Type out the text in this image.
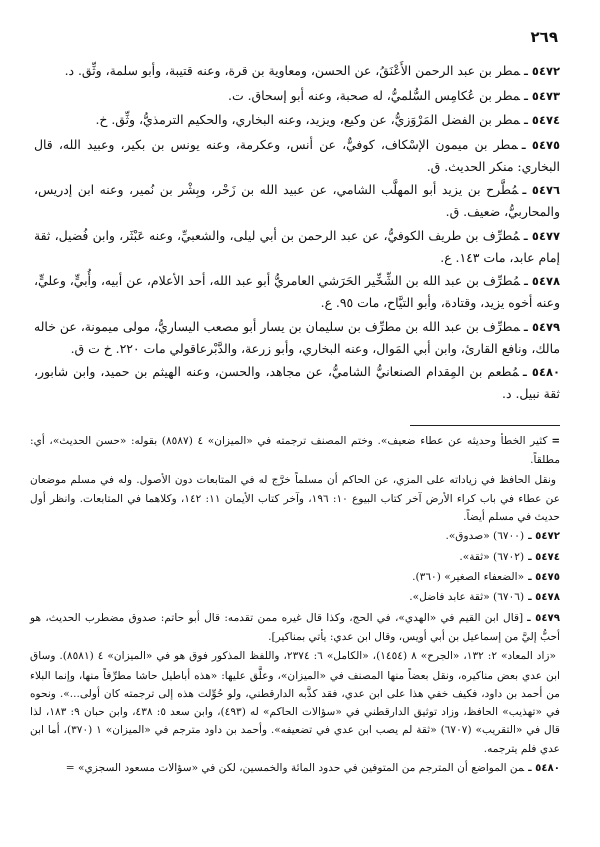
٢٦٩

٥٤٧٢ ـمطر بن عبد الرحمن الأَعْنَقُ، عن الحسن، ومعاوية بن قرة، وعنه قتيبة، وأبو سلمة، وثِّق. د.

٥٤٧٣ ـمطر بن عُكامِس السُّلميُّ، له صحبة، وعنه أبو إسحاق. ت.

٥٤٧٤ ـمطر بن الفضل المَرْوَزيُّ، عن وكيع، ويزيد، وعنه البخاري، والحكيم الترمذيُّ، وثِّق. خ.

٥٤٧٥ ـمطر بن ميمون الإسْكاف، كوفيٌّ، عن أنس، وعكرمة، وعنه يونس بن بكير، وعبيد الله، قال البخاري: منكر الحديث. ق.

٥٤٧٦ ـمُطَّرح بن يزيد أبو المهلَّب الشامي، عن عبيد الله بن زَحْر، وبِشْر بن نُمير، وعنه ابن إدريس، والمحاربيُّ، ضعيف. ق.

٥٤٧٧ ـمُطرِّف بن طريف الكوفيُّ، عن عبد الرحمن بن أبي ليلى، والشعبيِّ، وعنه عَبْثَر، وابن فُضيل، ثقة إمام عابد، مات ١٤٣. ع.

٥٤٧٨ ـمُطرِّف بن عبد الله بن الشِّخِّير الحَرَشي العامريُّ أبو عبد الله، أحد الأعلام، عن أبيه، وأُبيٍّ، وعليٍّ، وعنه أخوه يزيد، وقتادة، وأبو التيَّاح، مات ٩٥. ع.

٥٤٧٩ ـمطرِّف بن عبد الله بن مطرِّف بن سليمان بن يسار أبو مصعب اليساريُّ، مولى ميمونة، عن خاله مالك، ونافع القارئ، وابن أبي المَوال، وعنه البخاري، وأبو زرعة، والدَّبْرعاقولي مات ٢٢٠. خ ت ق.

٥٤٨٠ ـمُطعم بن المِقدام الصنعانيُّ الشاميُّ، عن مجاهد، والحسن، وعنه الهيثم بن حميد، وابن شابور، ثقة نبيل. د.

=كثير الخطأ وحديثه عن عطاء ضعيف». وختم المصنف ترجمته في «الميزان» ٤ (٨٥٨٧) بقوله: «حسن الحديث»، أي: مطلقاً.

ونقل الحافظ في زياداته على المزي، عن الحاكم أن مسلماً خرَّج له في المتابعات دون الأصول. وله في مسلم موضعان عن عطاء في باب كراء الأرض آخر كتاب البيوع ١٠: ١٩٦، وآخر كتاب الأيمان ١١: ١٤٢، وكلاهما في المتابعات. وانظر أول حديث في مسلم أيضاً.

٥٤٧٢ ـ(٦٧٠٠) «صدوق».

٥٤٧٤ ـ(٦٧٠٢) «ثقة».

٥٤٧٥ ـ«الضعفاء الصغير» (٣٦٠).

٥٤٧٨ ـ(٦٧٠٦) «ثقة عابد فاضل».

٥٤٧٩ ـ[قال ابن القيم في «الهدي»، في الحج، وكذا قال غيره ممن تقدمه: قال أبو حاتم: صدوق مضطرب الحديث، هو أحبُّ إليَّ من إسماعيل بن أبي أويس، وقال ابن عدي: يأتي بمناكير].

«زاد المعاد» ٢: ١٣٢، «الجرح» ٨ (١٤٥٤)، «الكامل» ٦: ٢٣٧٤، واللفظ المذكور فوق هو في «الميزان» ٤ (٨٥٨١). وساق ابن عدي بعض مناكيره، ونقل بعضاً منها المصنف في «الميزان»، وعلَّق عليها: «هذه أباطيل حاشا مطرِّفاً منها، وإنما البلاء من أحمد بن داود، فكيف خفي هذا على ابن عدي، فقد كذَّبه الدارقطني، ولو حُوِّلت هذه إلى ترجمته كان أولى...». ونحوه في «تهذيب» الحافظ، وزاد توثيق الدارقطني في «سؤالات الحاكم» له (٤٩٣)، وابن سعد ٥: ٤٣٨، وابن حبان ٩: ١٨٣، لذا قال في «التقريب» (٦٧٠٧) «ثقة لم يصب ابن عدي في تضعيفه». وأحمد بن داود مترجم في «الميزان» ١ (٣٧٠)، أما ابن عدي فلم يترجمه.

٥٤٨٠ ـمن المواضع أن المترجم من المتوفين في حدود المائة والخمسين، لكن في «سؤالات مسعود السجزي» =
